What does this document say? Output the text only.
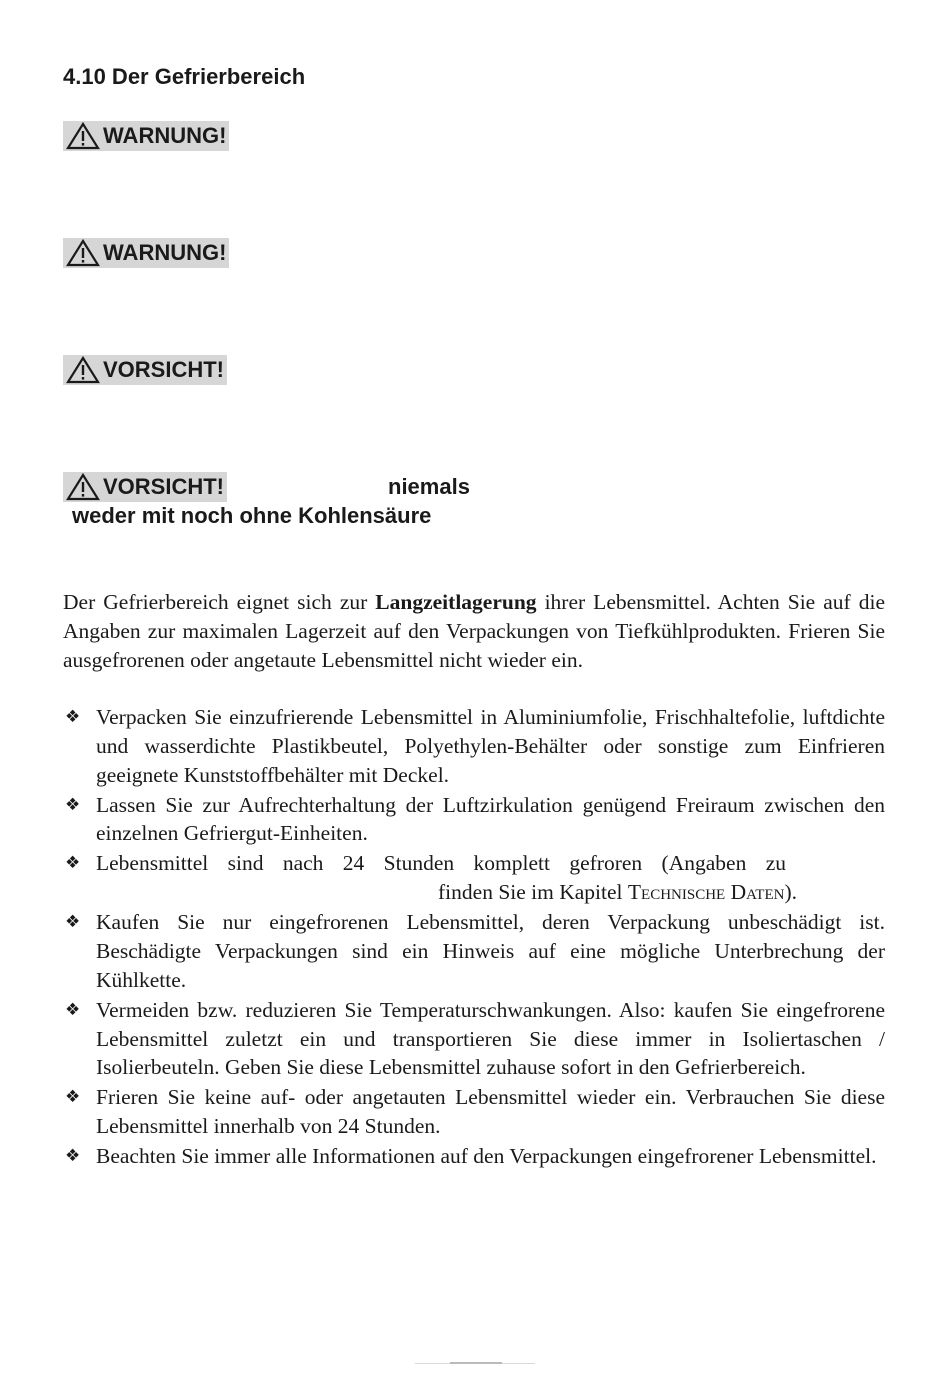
4.10 Der Gefrierbereich
WARNUNG!
WARNUNG!
VORSICHT!
VORSICHT!	niemals
weder mit noch ohne Kohlensäure

Der Gefrierbereich eignet sich zur Langzeitlagerung ihrer Lebensmittel. Achten Sie auf die Angaben zur maximalen Lagerzeit auf den Verpackungen von Tiefkühlprodukten. Frieren Sie ausgefrorenen oder angetaute Lebensmittel nicht wieder ein.

❖ Verpacken Sie einzufrierende Lebensmittel in Aluminiumfolie, Frischhaltefolie, luftdichte und wasserdichte Plastikbeutel, Polyethylen-Behälter oder sonstige zum Einfrieren geeignete Kunststoffbehälter mit Deckel.
❖ Lassen Sie zur Aufrechterhaltung der Luftzirkulation genügend Freiraum zwischen den einzelnen Gefriergut-Einheiten.
❖ Lebensmittel sind nach 24 Stunden komplett gefroren (Angaben zu
finden Sie im Kapitel Technische Daten).
❖ Kaufen Sie nur eingefrorenen Lebensmittel, deren Verpackung unbeschädigt ist. Beschädigte Verpackungen sind ein Hinweis auf eine mögliche Unterbrechung der Kühlkette.
❖ Vermeiden bzw. reduzieren Sie Temperaturschwankungen. Also: kaufen Sie eingefrorene Lebensmittel zuletzt ein und transportieren Sie diese immer in Isoliertaschen / Isolierbeuteln. Geben Sie diese Lebensmittel zuhause sofort in den Gefrierbereich.
❖ Frieren Sie keine auf- oder angetauten Lebensmittel wieder ein. Verbrauchen Sie diese Lebensmittel innerhalb von 24 Stunden.
❖ Beachten Sie immer alle Informationen auf den Verpackungen eingefrorener Lebensmittel.
